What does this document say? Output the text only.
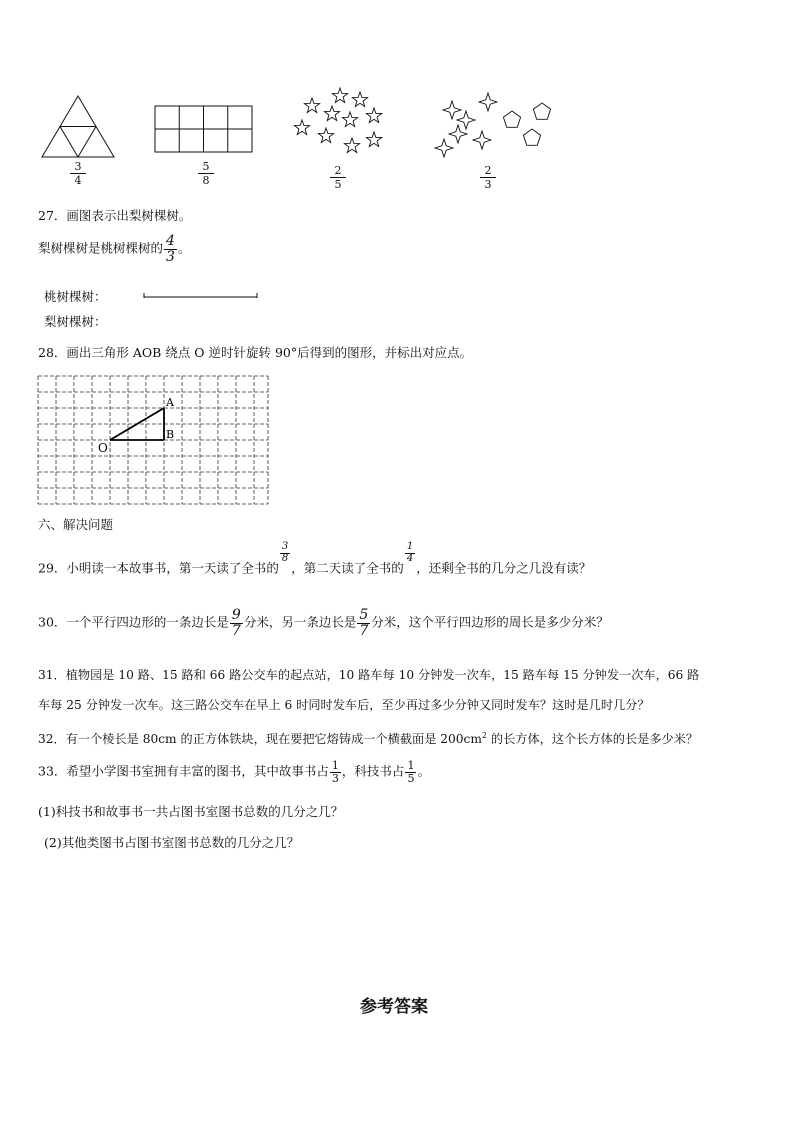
$\frac{3}{4}$	$\frac{5}{8}$	$\frac{2}{5}$	$\frac{2}{3}$
27．画图表示出梨树棵树。
梨树棵树是桃树棵树的 $\frac{4}{3}$ 。
桃树棵树：
梨树棵树：
28．画出三角形 AOB 绕点 O 逆时针旋转 90°后得到的图形，并标出对应点。
O
A
B
六、解决问题
29．小明读一本故事书，第一天读了全书的
$\frac{3}{8}$
，第二天读了全书的
$\frac{1}{4}$
，还剩全书的几分之几没有读？
30．一个平行四边形的一条边长是 $\frac{9}{7}$ 分米，另一条边长是 $\frac{5}{7}$ 分米，这个平行四边形的周长是多少分米？
31．植物园是 10 路、15 路和 66 路公交车的起点站，10 路车每 10 分钟发一次车，15 路车每 15 分钟发一次车，66 路
车每 25 分钟发一次车。这三路公交车在早上 6 时同时发车后，至少再过多少分钟又同时发车？这时是几时几分？
32．有一个棱长是 80cm 的正方体铁块，现在要把它熔铸成一个横截面是 $200cm^2$ 的长方体，这个长方体的长是多少米？
33．希望小学图书室拥有丰富的图书，其中故事书占 $\frac{1}{3}$ ，科技书占 $\frac{1}{5}$ 。
(1)科技书和故事书一共占图书室图书总数的几分之几？
(2)其他类图书占图书室图书总数的几分之几？
参考答案
